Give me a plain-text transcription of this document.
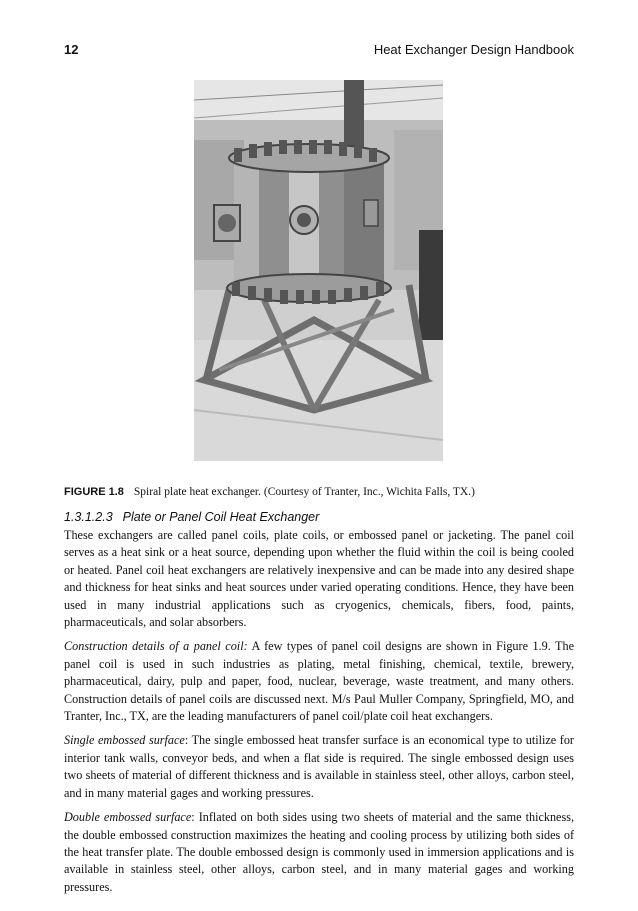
12	Heat Exchanger Design Handbook
FIGURE 1.8 Spiral plate heat exchanger. (Courtesy of Tranter, Inc., Wichita Falls, TX.)
1.3.1.2.3 Plate or Panel Coil Heat Exchanger

These exchangers are called panel coils, plate coils, or embossed panel or jacketing. The panel coil serves as a heat sink or a heat source, depending upon whether the fluid within the coil is being cooled or heated. Panel coil heat exchangers are relatively inexpensive and can be made into any desired shape and thickness for heat sinks and heat sources under varied operating conditions. Hence, they have been used in many industrial applications such as cryogenics, chemicals, fibers, food, paints, pharmaceuticals, and solar absorbers.

Construction details of a panel coil: A few types of panel coil designs are shown in Figure 1.9. The panel coil is used in such industries as plating, metal finishing, chemical, textile, brewery, pharmaceutical, dairy, pulp and paper, food, nuclear, beverage, waste treatment, and many others. Construction details of panel coils are discussed next. M/s Paul Muller Company, Springfield, MO, and Tranter, Inc., TX, are the leading manufacturers of panel coil/plate coil heat exchangers.

Single embossed surface: The single embossed heat transfer surface is an economical type to utilize for interior tank walls, conveyor beds, and when a flat side is required. The single embossed design uses two sheets of material of different thickness and is available in stainless steel, other alloys, carbon steel, and in many material gages and working pressures.

Double embossed surface: Inflated on both sides using two sheets of material and the same thickness, the double embossed construction maximizes the heating and cooling process by utilizing both sides of the heat transfer plate. The double embossed design is commonly used in immersion applications and is available in stainless steel, other alloys, carbon steel, and in many material gages and working pressures.
